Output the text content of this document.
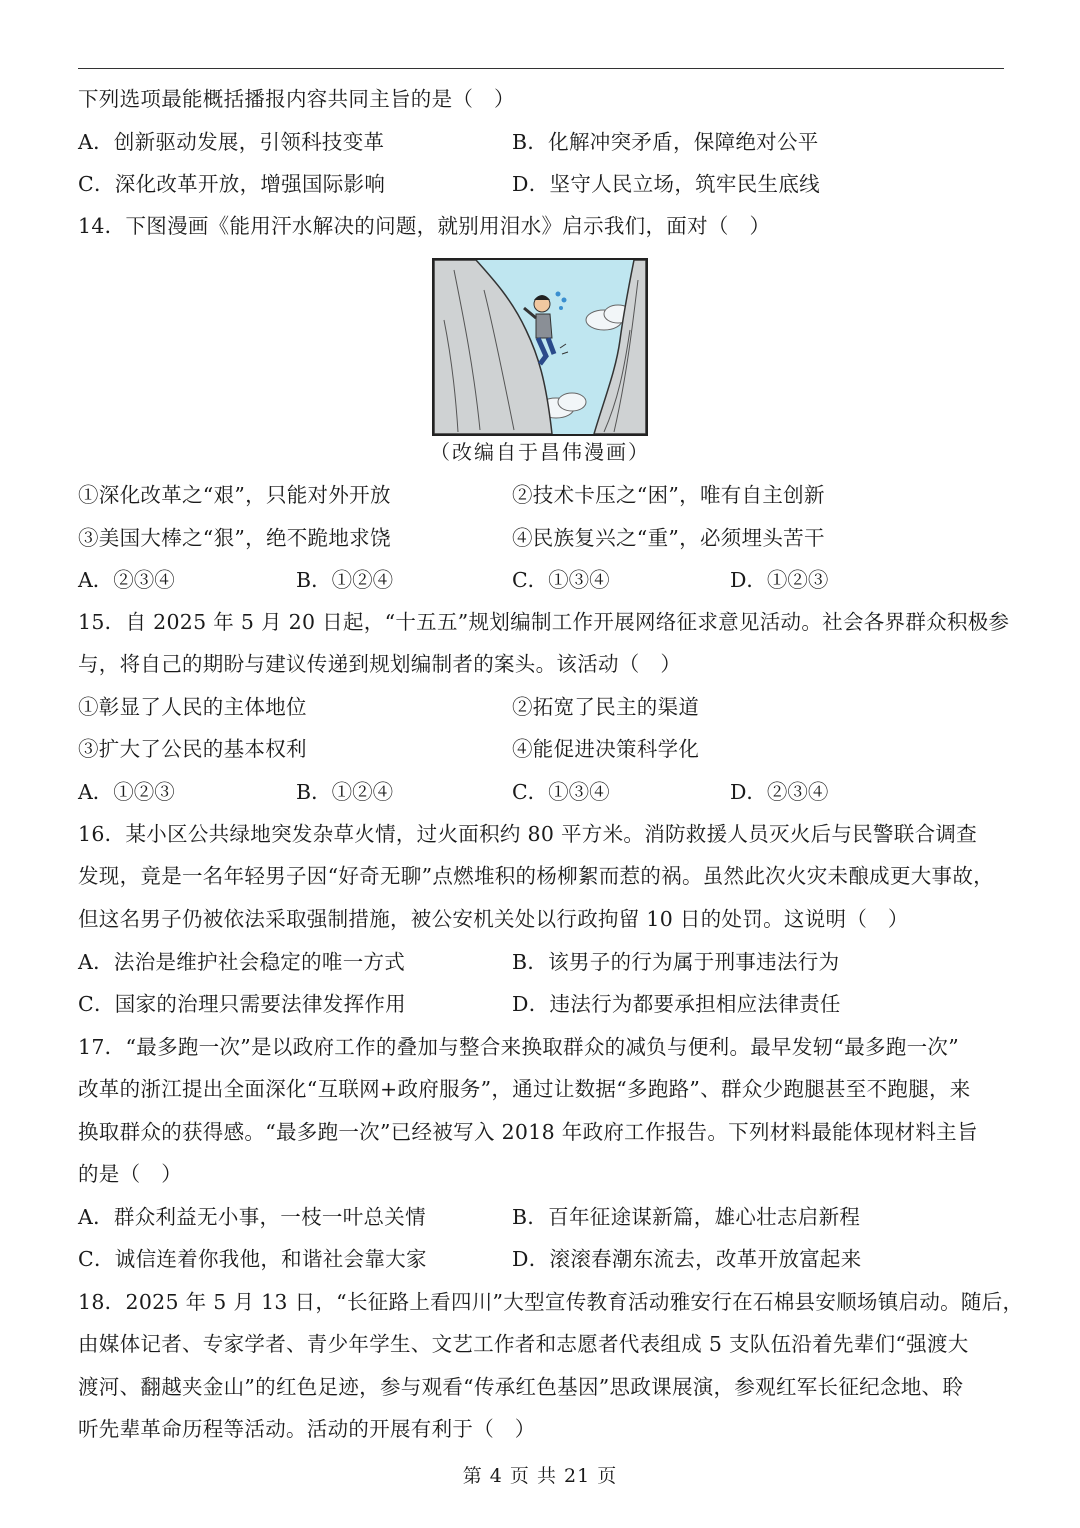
下列选项最能概括播报内容共同主旨的是（　）
A．创新驱动发展，引领科技变革	B．化解冲突矛盾，保障绝对公平
C．深化改革开放，增强国际影响	D．坚守人民立场，筑牢民生底线
14．下图漫画《能用汗水解决的问题，就别用泪水》启示我们，面对（　）
（改编自于昌伟漫画）
①深化改革之“艰”，只能对外开放	②技术卡压之“困”，唯有自主创新
③美国大棒之“狠”，绝不跪地求饶	④民族复兴之“重”，必须埋头苦干
A．②③④	B．①②④	C．①③④	D．①②③
15．自 2025 年 5 月 20 日起，“十五五”规划编制工作开展网络征求意见活动。社会各界群众积极参
与，将自己的期盼与建议传递到规划编制者的案头。该活动（　）
①彰显了人民的主体地位	②拓宽了民主的渠道
③扩大了公民的基本权利	④能促进决策科学化
A．①②③	B．①②④	C．①③④	D．②③④
16．某小区公共绿地突发杂草火情，过火面积约 80 平方米。消防救援人员灭火后与民警联合调查
发现，竟是一名年轻男子因“好奇无聊”点燃堆积的杨柳絮而惹的祸。虽然此次火灾未酿成更大事故，
但这名男子仍被依法采取强制措施，被公安机关处以行政拘留 10 日的处罚。这说明（　）
A．法治是维护社会稳定的唯一方式	B．该男子的行为属于刑事违法行为
C．国家的治理只需要法律发挥作用	D．违法行为都要承担相应法律责任
17．“最多跑一次”是以政府工作的叠加与整合来换取群众的减负与便利。最早发轫“最多跑一次”
改革的浙江提出全面深化“互联网+政府服务”，通过让数据“多跑路”、群众少跑腿甚至不跑腿，来
换取群众的获得感。“最多跑一次”已经被写入 2018 年政府工作报告。下列材料最能体现材料主旨
的是（　）
A．群众利益无小事，一枝一叶总关情	B．百年征途谋新篇，雄心壮志启新程
C．诚信连着你我他，和谐社会靠大家	D．滚滚春潮东流去，改革开放富起来
18．2025 年 5 月 13 日，“长征路上看四川”大型宣传教育活动雅安行在石棉县安顺场镇启动。随后，
由媒体记者、专家学者、青少年学生、文艺工作者和志愿者代表组成 5 支队伍沿着先辈们“强渡大
渡河、翻越夹金山”的红色足迹，参与观看“传承红色基因”思政课展演，参观红军长征纪念地、聆
听先辈革命历程等活动。活动的开展有利于（　）
第 4 页 共 21 页
